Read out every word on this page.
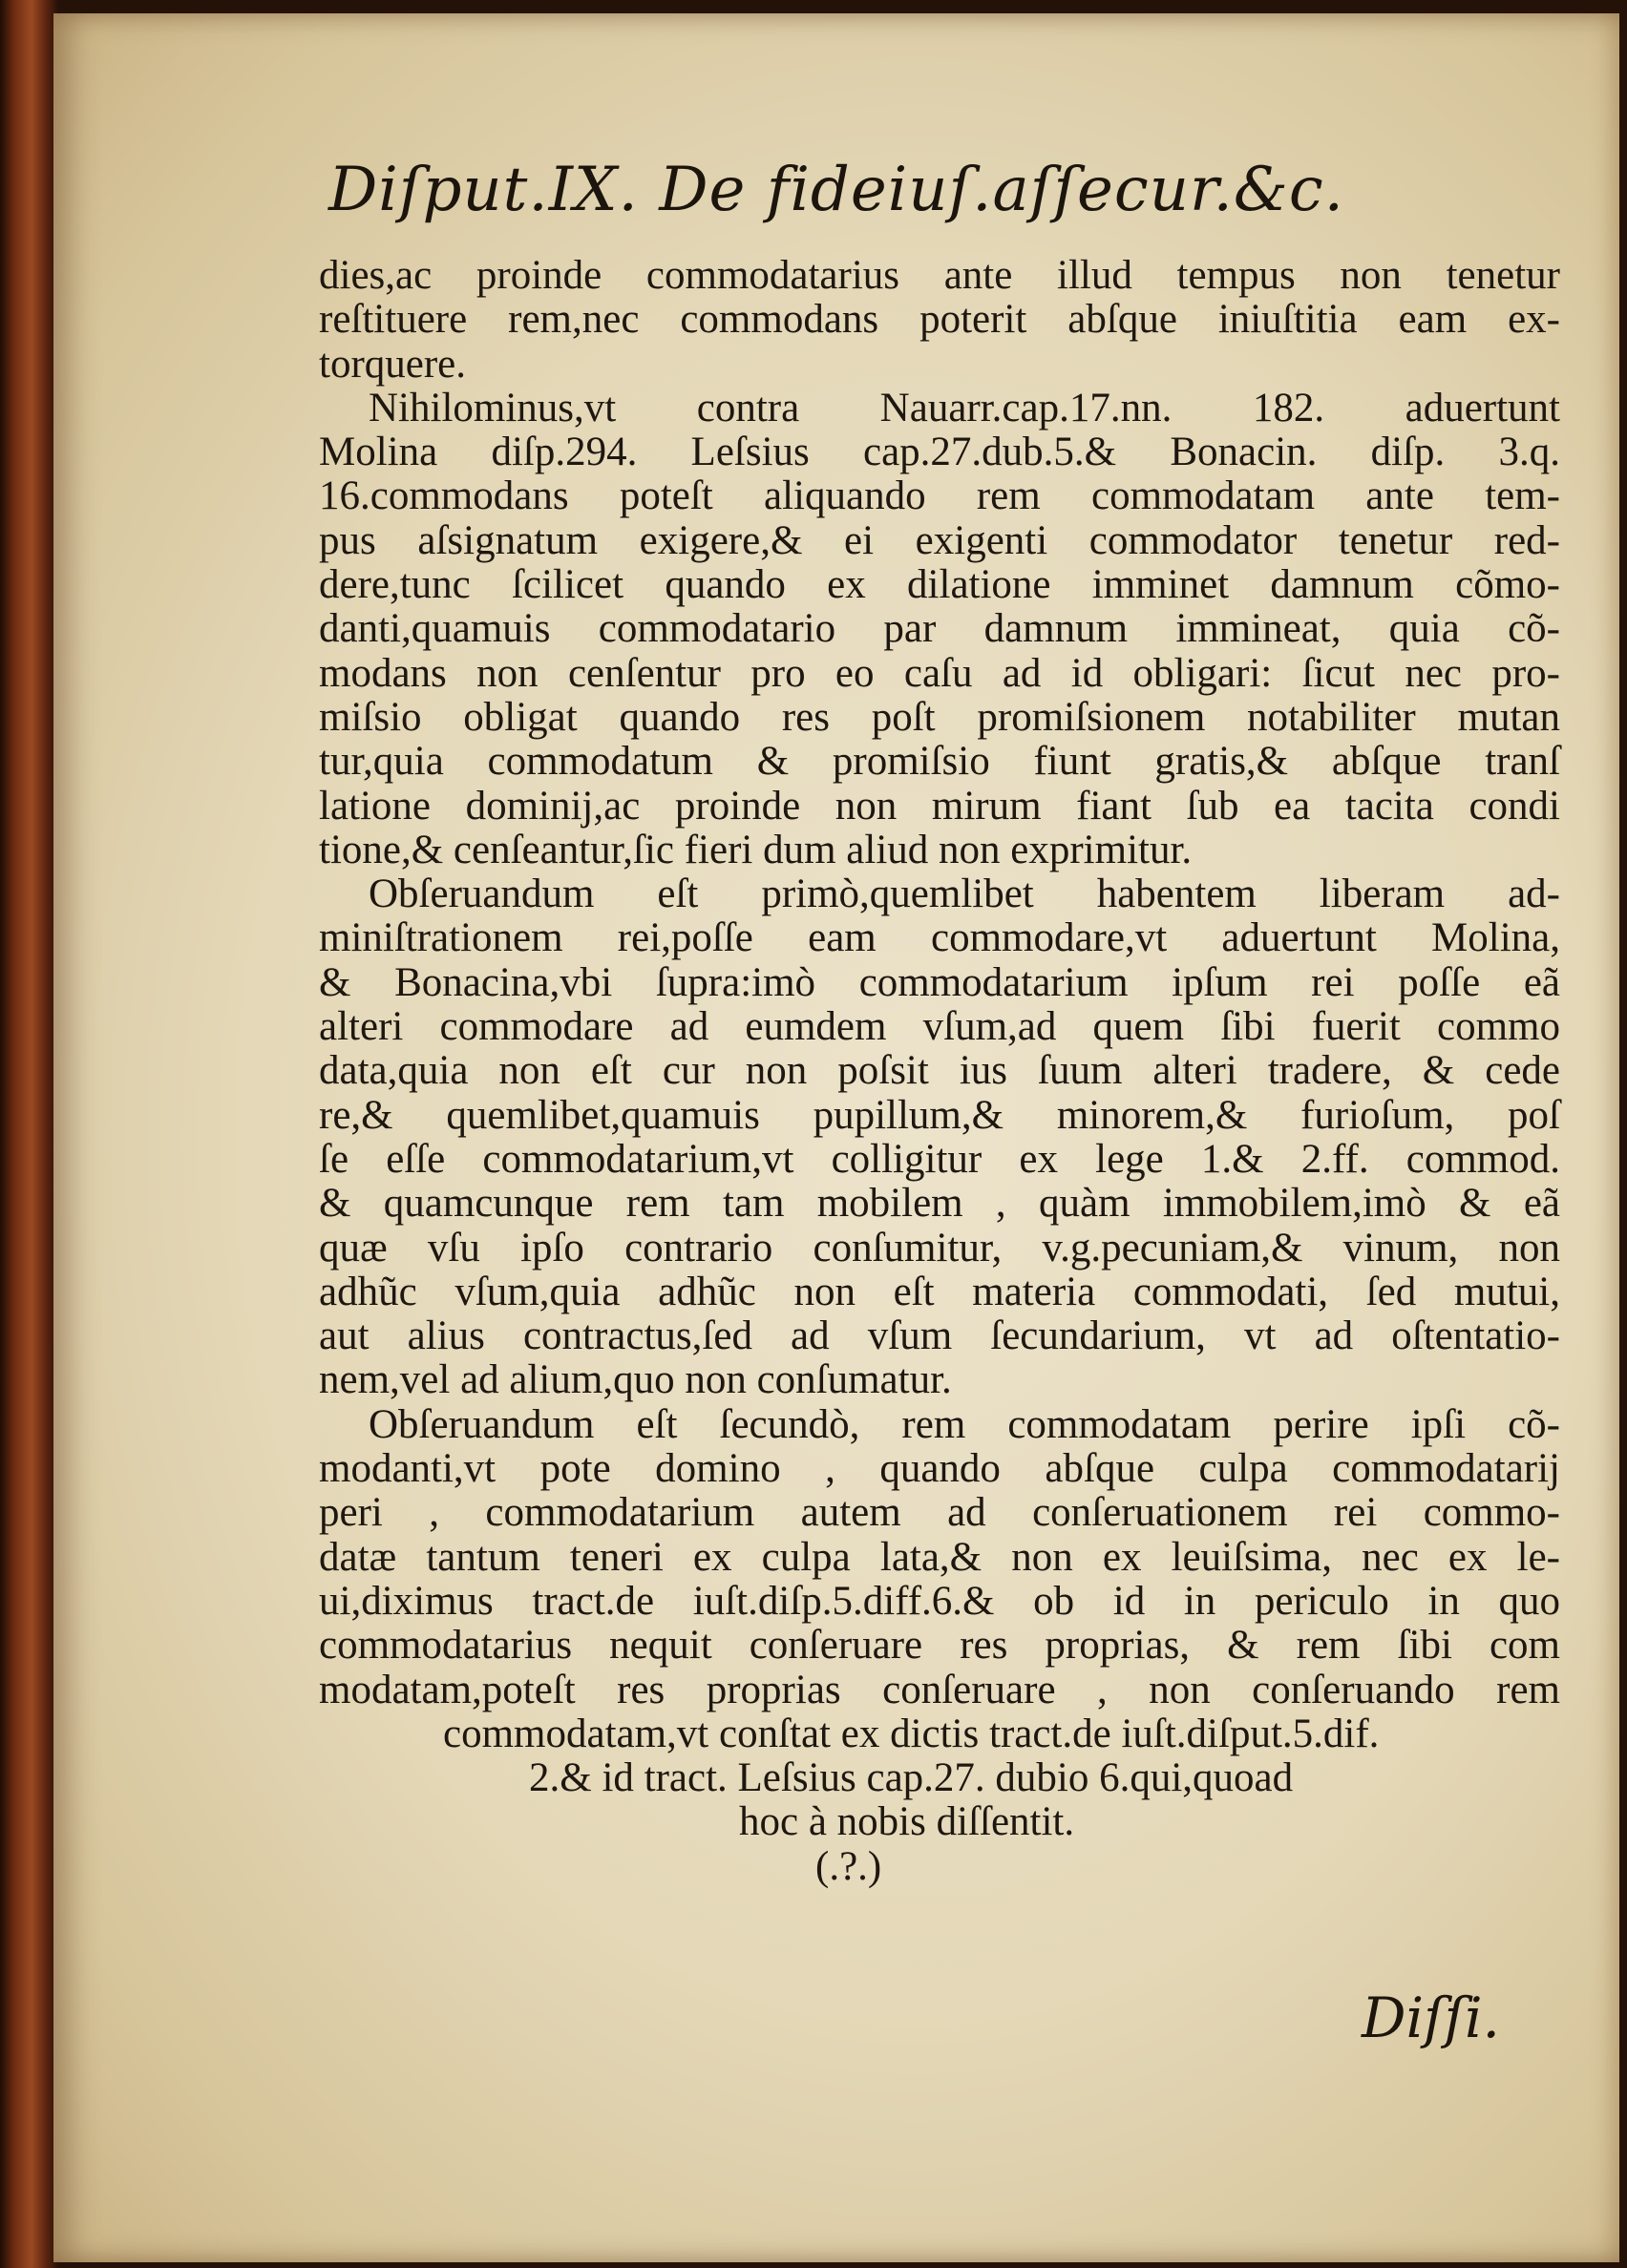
Diſput.IX. De fideiuſ.aſſecur.&c.
dies,ac proinde commodatarius ante illud tempus non tenetur
reſtituere rem,nec commodans poterit abſque iniuſtitia eam ex-
torquere.
Nihilominus,vt contra Nauarr.cap.17.nn. 182. aduertunt
Molina diſp.294. Leſsius cap.27.dub.5.& Bonacin. diſp. 3.q.
16.commodans poteſt aliquando rem commodatam ante tem-
pus aſsignatum exigere,& ei exigenti commodator tenetur red-
dere,tunc ſcilicet quando ex dilatione imminet damnum cõmo-
danti,quamuis commodatario par damnum immineat, quia cõ-
modans non cenſentur pro eo caſu ad id obligari: ſicut nec pro-
miſsio obligat quando res poſt promiſsionem notabiliter mutan
tur,quia commodatum & promiſsio fiunt gratis,& abſque tranſ
latione dominij,ac proinde non mirum fiant ſub ea tacita condi
tione,& cenſeantur,ſic fieri dum aliud non exprimitur.
Obſeruandum eſt primò,quemlibet habentem liberam ad-
miniſtrationem rei,poſſe eam commodare,vt aduertunt Molina,
& Bonacina,vbi ſupra:imò commodatarium ipſum rei poſſe eã
alteri commodare ad eumdem vſum,ad quem ſibi fuerit commo
data,quia non eſt cur non poſsit ius ſuum alteri tradere, & cede
re,& quemlibet,quamuis pupillum,& minorem,& furioſum, poſ
ſe eſſe commodatarium,vt colligitur ex lege 1.& 2.ff. commod.
& quamcunque rem tam mobilem , quàm immobilem,imò & eã
quæ vſu ipſo contrario conſumitur, v.g.pecuniam,& vinum, non
adhũc vſum,quia adhũc non eſt materia commodati, ſed mutui,
aut alius contractus,ſed ad vſum ſecundarium, vt ad oſtentatio-
nem,vel ad alium,quo non conſumatur.
Obſeruandum eſt ſecundò, rem commodatam perire ipſi cõ-
modanti,vt pote domino , quando abſque culpa commodatarij
peri , commodatarium autem ad conſeruationem rei commo-
datæ tantum teneri ex culpa lata,& non ex leuiſsima, nec ex le-
ui,diximus tract.de iuſt.diſp.5.diff.6.& ob id in periculo in quo
commodatarius nequit conſeruare res proprias, & rem ſibi com
modatam,poteſt res proprias conſeruare , non conſeruando rem
commodatam,vt conſtat ex dictis tract.de iuſt.diſput.5.dif.
2.& id tract. Leſsius cap.27. dubio 6.qui,quoad
hoc à nobis diſſentit.
(.?.)
Diſſi.
